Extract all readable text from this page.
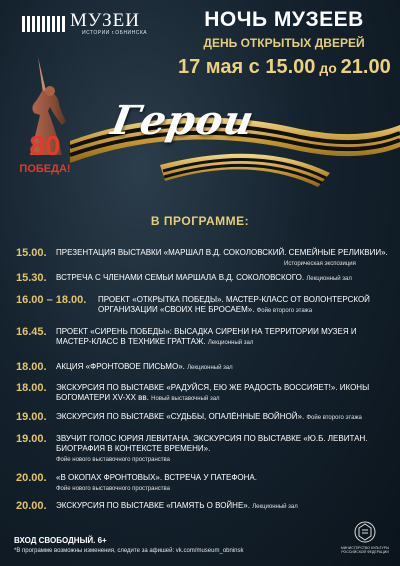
МУЗЕИ
ИСТОРИИ г.ОБНИНСКА
НОЧЬ МУЗЕЕВ
ДЕНЬ ОТКРЫТЫХ ДВЕРЕЙ
17 мая с 15.00 до 21.00
Герои
80
ПОБЕДА!
В ПРОГРАММЕ:
15.00. ПРЕЗЕНТАЦИЯ ВЫСТАВКИ «МАРШАЛ В.Д. СОКОЛОВСКИЙ. СЕМЕЙНЫЕ РЕЛИКВИИ».
Историческая экспозиция
15.30. ВСТРЕЧА С ЧЛЕНАМИ СЕМЬИ МАРШАЛА В.Д. СОКОЛОВСКОГО. Лекционный зал
16.00 – 18.00. ПРОЕКТ «ОТКРЫТКА ПОБЕДЫ». МАСТЕР-КЛАСС ОТ ВОЛОНТЕРСКОЙ ОРГАНИЗАЦИИ «СВОИХ НЕ БРОСАЕМ». Фойе второго этажа
16.45. ПРОЕКТ «СИРЕНЬ ПОБЕДЫ»: ВЫСАДКА СИРЕНИ НА ТЕРРИТОРИИ МУЗЕЯ И МАСТЕР-КЛАСС В ТЕХНИКЕ ГРАТТАЖ. Лекционный зал
18.00. АКЦИЯ «ФРОНТОВОЕ ПИСЬМО». Лекционный зал
18.00. ЭКСКУРСИЯ ПО ВЫСТАВКЕ «РАДУЙСЯ, ЕЮ ЖЕ РАДОСТЬ ВОССИЯЕТ!». ИКОНЫ БОГОМАТЕРИ XV-XX вв. Новый выставочный зал
19.00. ЭКСКУРСИЯ ПО ВЫСТАВКЕ «СУДЬБЫ, ОПАЛЁННЫЕ ВОЙНОЙ». Фойе второго этажа
19.00. ЗВУЧИТ ГОЛОС ЮРИЯ ЛЕВИТАНА. ЭКСКУРСИЯ ПО ВЫСТАВКЕ «Ю.Б. ЛЕВИТАН. БИОГРАФИЯ В КОНТЕКСТЕ ВРЕМЕНИ».
Фойе нового выставочного пространства
20.00. «В ОКОПАХ ФРОНТОВЫХ». ВСТРЕЧА У ПАТЕФОНА.
Фойе нового выставочного пространства
20.00. ЭКСКУРСИЯ ПО ВЫСТАВКЕ «ПАМЯТЬ О ВОЙНЕ». Лекционный зал
ВХОД СВОБОДНЫЙ. 6+
*В программе возможны изменения, следите за афишей: vk.com/museum_obninsk	МИНИСТЕРСТВО КУЛЬТУРЫ РОССИЙСКОЙ ФЕДЕРАЦИИ
